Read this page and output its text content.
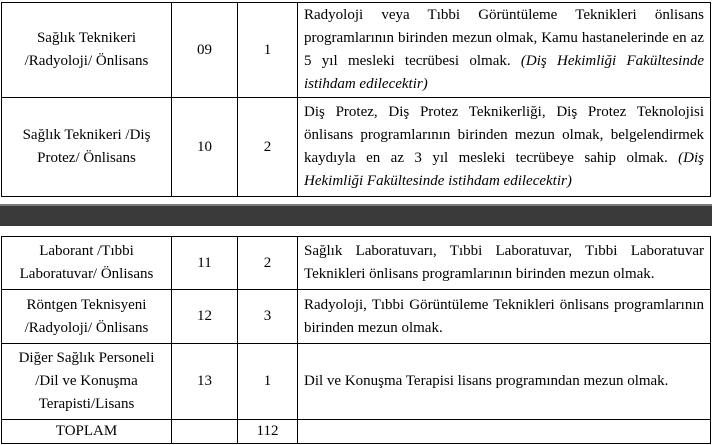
Sağlık Teknikeri
/Radyoloji/ Önlisans	09	1	Radyoloji veya Tıbbi Görüntüleme Teknikleri önlisans programlarının birinden mezun olmak, Kamu hastanelerinde en az 5 yıl mesleki tecrübesi olmak. (Diş Hekimliği Fakültesinde istihdam edilecektir)
Sağlık Teknikeri /Diş
Protez/ Önlisans	10	2	Diş Protez, Diş Protez Teknikerliği, Diş Protez Teknolojisi önlisans programlarının birinden mezun olmak, belgelendirmek kaydıyla en az 3 yıl mesleki tecrübeye sahip olmak. (Diş Hekimliği Fakültesinde istihdam edilecektir)
Laborant /Tıbbi
Laboratuvar/ Önlisans	11	2	Sağlık Laboratuvarı, Tıbbi Laboratuvar, Tıbbi Laboratuvar Teknikleri önlisans programlarının birinden mezun olmak.
Röntgen Teknisyeni
/Radyoloji/ Önlisans	12	3	Radyoloji, Tıbbi Görüntüleme Teknikleri önlisans programlarının birinden mezun olmak.
Diğer Sağlık Personeli
/Dil ve Konuşma
Terapisti/Lisans	13	1	Dil ve Konuşma Terapisi lisans programından mezun olmak.
TOPLAM		112	
